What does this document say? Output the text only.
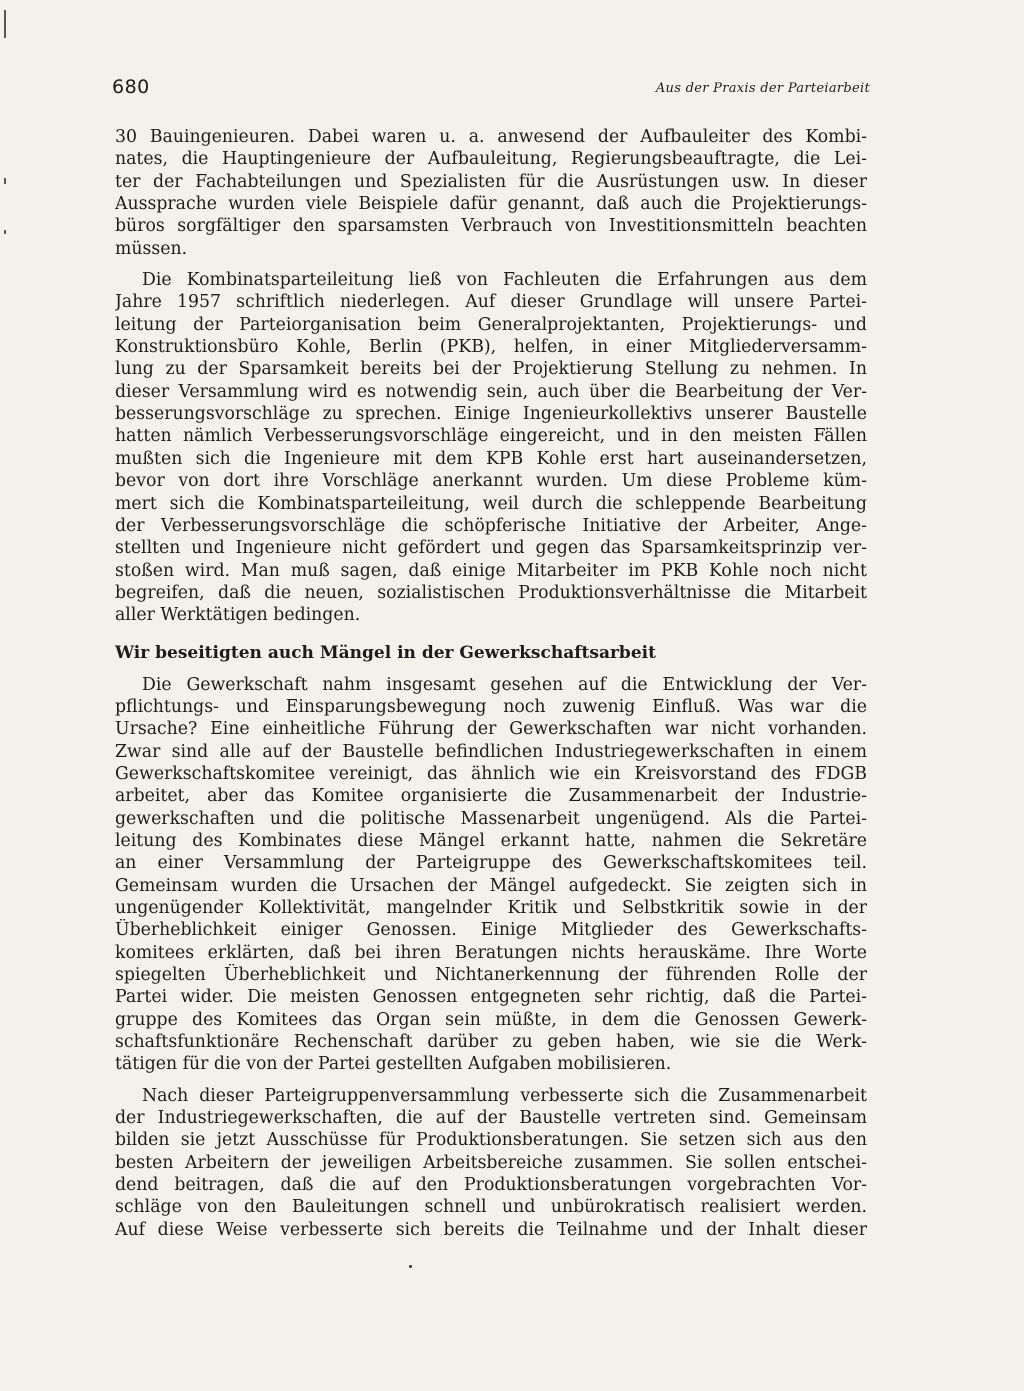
680	Aus der Praxis der Parteiarbeit
30 Bauingenieuren. Dabei waren u. a. anwesend der Aufbauleiter des Kombi-
nates, die Hauptingenieure der Aufbauleitung, Regierungsbeauftragte, die Lei-
ter der Fachabteilungen und Spezialisten für die Ausrüstungen usw. In dieser
Aussprache wurden viele Beispiele dafür genannt, daß auch die Projektierungs-
büros sorgfältiger den sparsamsten Verbrauch von Investitionsmitteln beachten
müssen.
Die Kombinatsparteileitung ließ von Fachleuten die Erfahrungen aus dem
Jahre 1957 schriftlich niederlegen. Auf dieser Grundlage will unsere Partei-
leitung der Parteiorganisation beim Generalprojektanten, Projektierungs- und
Konstruktionsbüro Kohle, Berlin (PKB), helfen, in einer Mitgliederversamm-
lung zu der Sparsamkeit bereits bei der Projektierung Stellung zu nehmen. In
dieser Versammlung wird es notwendig sein, auch über die Bearbeitung der Ver-
besserungsvorschläge zu sprechen. Einige Ingenieurkollektivs unserer Baustelle
hatten nämlich Verbesserungsvorschläge eingereicht, und in den meisten Fällen
mußten sich die Ingenieure mit dem KPB Kohle erst hart auseinandersetzen,
bevor von dort ihre Vorschläge anerkannt wurden. Um diese Probleme küm-
mert sich die Kombinatsparteileitung, weil durch die schleppende Bearbeitung
der Verbesserungsvorschläge die schöpferische Initiative der Arbeiter, Ange-
stellten und Ingenieure nicht gefördert und gegen das Sparsamkeitsprinzip ver-
stoßen wird. Man muß sagen, daß einige Mitarbeiter im PKB Kohle noch nicht
begreifen, daß die neuen, sozialistischen Produktionsverhältnisse die Mitarbeit
aller Werktätigen bedingen.
Wir beseitigten auch Mängel in der Gewerkschaftsarbeit
Die Gewerkschaft nahm insgesamt gesehen auf die Entwicklung der Ver-
pflichtungs- und Einsparungsbewegung noch zuwenig Einfluß. Was war die
Ursache? Eine einheitliche Führung der Gewerkschaften war nicht vorhanden.
Zwar sind alle auf der Baustelle befindlichen Industriegewerkschaften in einem
Gewerkschaftskomitee vereinigt, das ähnlich wie ein Kreisvorstand des FDGB
arbeitet, aber das Komitee organisierte die Zusammenarbeit der Industrie-
gewerkschaften und die politische Massenarbeit ungenügend. Als die Partei-
leitung des Kombinates diese Mängel erkannt hatte, nahmen die Sekretäre
an einer Versammlung der Parteigruppe des Gewerkschaftskomitees teil.
Gemeinsam wurden die Ursachen der Mängel aufgedeckt. Sie zeigten sich in
ungenügender Kollektivität, mangelnder Kritik und Selbstkritik sowie in der
Überheblichkeit einiger Genossen. Einige Mitglieder des Gewerkschafts-
komitees erklärten, daß bei ihren Beratungen nichts herauskäme. Ihre Worte
spiegelten Überheblichkeit und Nichtanerkennung der führenden Rolle der
Partei wider. Die meisten Genossen entgegneten sehr richtig, daß die Partei-
gruppe des Komitees das Organ sein müßte, in dem die Genossen Gewerk-
schaftsfunktionäre Rechenschaft darüber zu geben haben, wie sie die Werk-
tätigen für die von der Partei gestellten Aufgaben mobilisieren.
Nach dieser Parteigruppenversammlung verbesserte sich die Zusammenarbeit
der Industriegewerkschaften, die auf der Baustelle vertreten sind. Gemeinsam
bilden sie jetzt Ausschüsse für Produktionsberatungen. Sie setzen sich aus den
besten Arbeitern der jeweiligen Arbeitsbereiche zusammen. Sie sollen entschei-
dend beitragen, daß die auf den Produktionsberatungen vorgebrachten Vor-
schläge von den Bauleitungen schnell und unbürokratisch realisiert werden.
Auf diese Weise verbesserte sich bereits die Teilnahme und der Inhalt dieser
